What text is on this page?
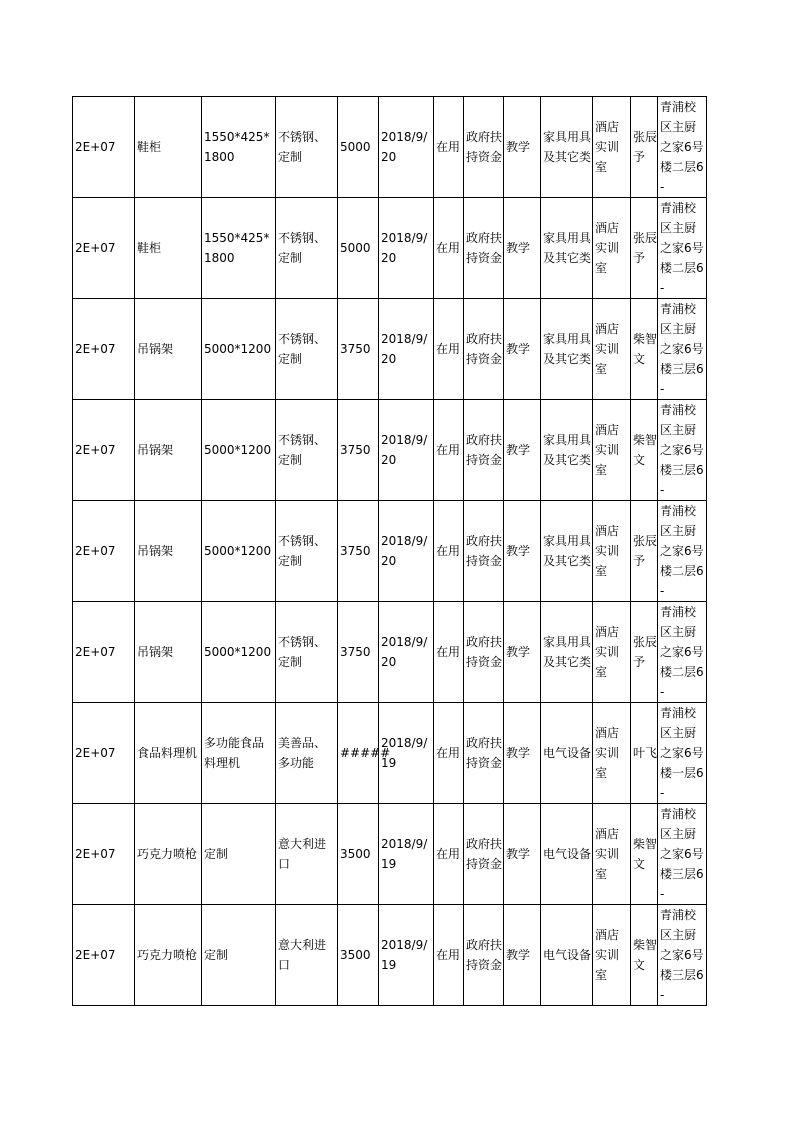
2E+07	鞋柜	1550*425*1800	不锈钢、定制	5000	2018/9/20	在用	政府扶持资金	教学	家具用具及其它类	酒店实训室	张辰予	青浦校区主厨之家6号楼二层6-
2E+07	鞋柜	1550*425*1800	不锈钢、定制	5000	2018/9/20	在用	政府扶持资金	教学	家具用具及其它类	酒店实训室	张辰予	青浦校区主厨之家6号楼二层6-
2E+07	吊锅架	5000*1200	不锈钢、定制	3750	2018/9/20	在用	政府扶持资金	教学	家具用具及其它类	酒店实训室	柴智文	青浦校区主厨之家6号楼三层6-
2E+07	吊锅架	5000*1200	不锈钢、定制	3750	2018/9/20	在用	政府扶持资金	教学	家具用具及其它类	酒店实训室	柴智文	青浦校区主厨之家6号楼三层6-
2E+07	吊锅架	5000*1200	不锈钢、定制	3750	2018/9/20	在用	政府扶持资金	教学	家具用具及其它类	酒店实训室	张辰予	青浦校区主厨之家6号楼二层6-
2E+07	吊锅架	5000*1200	不锈钢、定制	3750	2018/9/20	在用	政府扶持资金	教学	家具用具及其它类	酒店实训室	张辰予	青浦校区主厨之家6号楼二层6-
2E+07	食品料理机	多功能食品料理机	美善品、多功能	#####	2018/9/19	在用	政府扶持资金	教学	电气设备	酒店实训室	叶飞	青浦校区主厨之家6号楼一层6-
2E+07	巧克力喷枪	定制	意大利进口	3500	2018/9/19	在用	政府扶持资金	教学	电气设备	酒店实训室	柴智文	青浦校区主厨之家6号楼三层6-
2E+07	巧克力喷枪	定制	意大利进口	3500	2018/9/19	在用	政府扶持资金	教学	电气设备	酒店实训室	柴智文	青浦校区主厨之家6号楼三层6-
